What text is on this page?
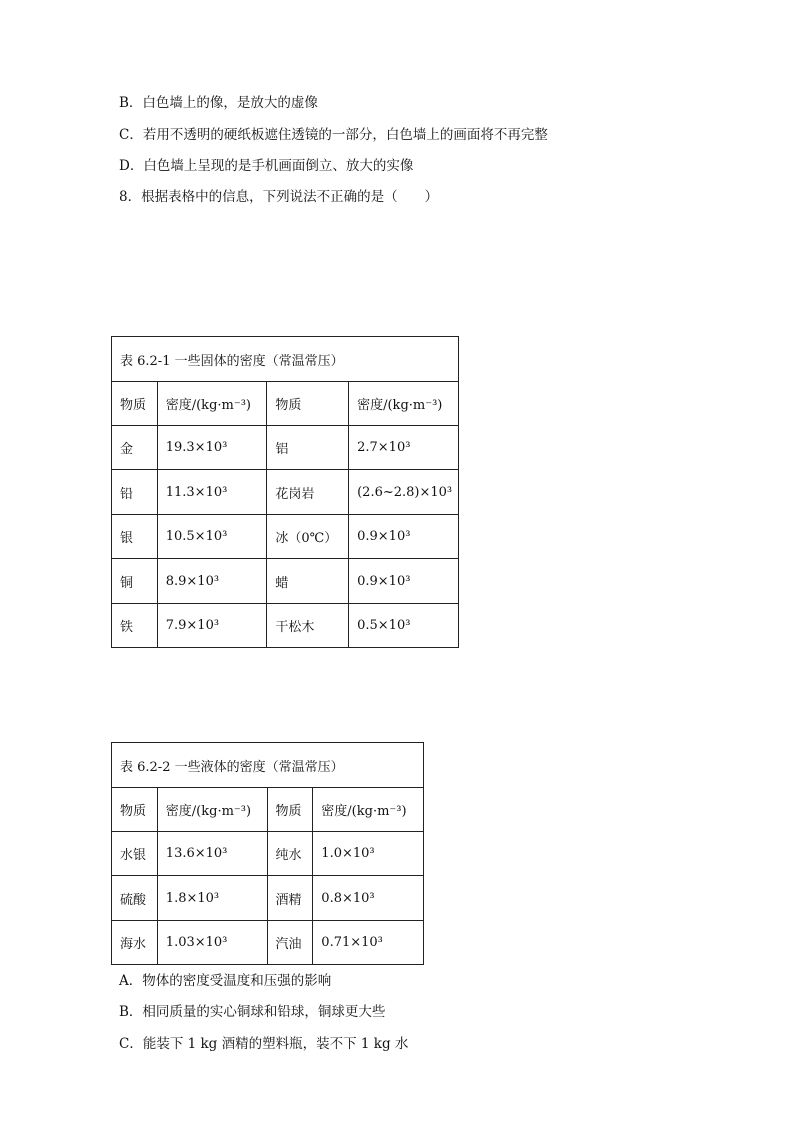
B．白色墙上的像，是放大的虚像
C．若用不透明的硬纸板遮住透镜的一部分，白色墙上的画面将不再完整
D．白色墙上呈现的是手机画面倒立、放大的实像
8．根据表格中的信息，下列说法不正确的是（　　）
表 6.2-1 一些固体的密度（常温常压）			
物质	密度/(kg·m⁻³)	物质	密度/(kg·m⁻³)
金	19.3×10³	铝	2.7×10³
铅	11.3×10³	花岗岩	(2.6~2.8)×10³
银	10.5×10³	冰（0℃）	0.9×10³
铜	8.9×10³	蜡	0.9×10³
铁	7.9×10³	干松木	0.5×10³
表 6.2-2 一些液体的密度（常温常压）			
物质	密度/(kg·m⁻³)	物质	密度/(kg·m⁻³)
水银	13.6×10³	纯水	1.0×10³
硫酸	1.8×10³	酒精	0.8×10³
海水	1.03×10³	汽油	0.71×10³
A．物体的密度受温度和压强的影响
B．相同质量的实心铜球和铅球，铜球更大些
C．能装下 1 kg 酒精的塑料瓶，装不下 1 kg 水
